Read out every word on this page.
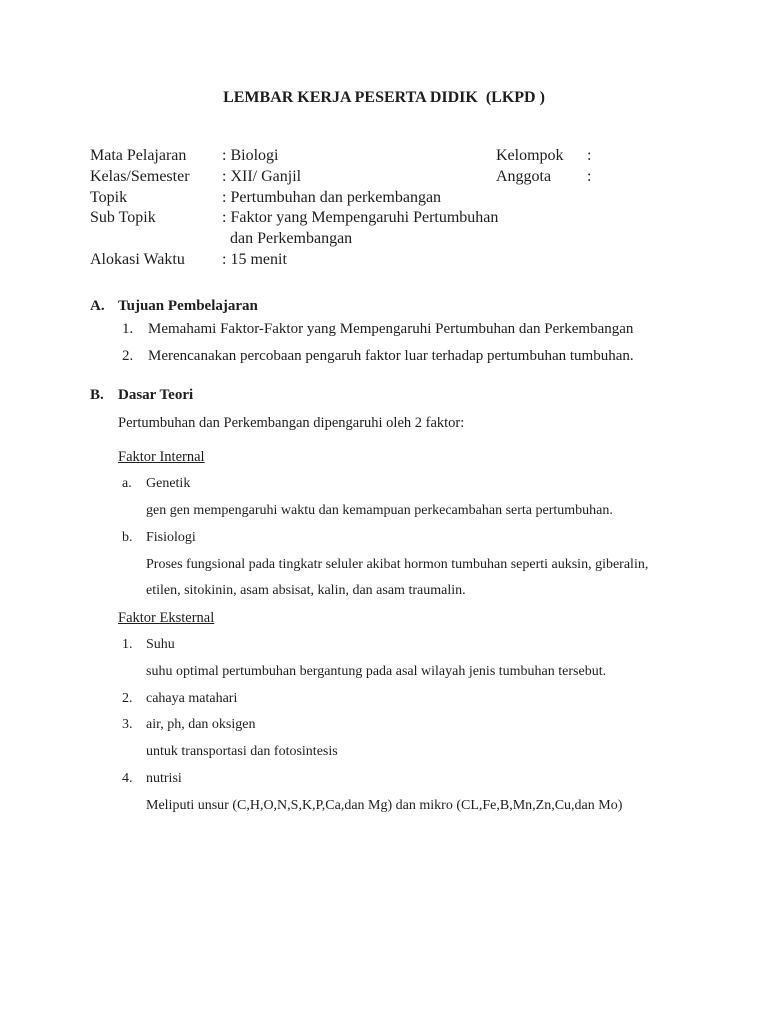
LEMBAR KERJA PESERTA DIDIK  (LKPD )
Mata Pelajaran	: Biologi
Kelas/Semester	: XII/ Ganjil
Topik	: Pertumbuhan dan perkembangan
Sub Topik	: Faktor yang Mempengaruhi Pertumbuhan
dan Perkembangan
Alokasi Waktu	: 15 menit
Kelompok	:
Anggota	:
A. Tujuan Pembelajaran
1. Memahami Faktor-Faktor yang Mempengaruhi Pertumbuhan dan Perkembangan
2. Merencanakan percobaan pengaruh faktor luar terhadap pertumbuhan tumbuhan.
B. Dasar Teori
Pertumbuhan dan Perkembangan dipengaruhi oleh 2 faktor:
Faktor Internal
a.	Genetik
gen gen mempengaruhi waktu dan kemampuan perkecambahan serta pertumbuhan.
b. Fisiologi
Proses fungsional pada tingkatr seluler akibat hormon tumbuhan seperti auksin, giberalin,
etilen, sitokinin, asam absisat, kalin, dan asam traumalin.
Faktor Eksternal
1. Suhu
suhu optimal pertumbuhan bergantung pada asal wilayah jenis tumbuhan tersebut.
2. cahaya matahari
3. air, ph, dan oksigen
untuk transportasi dan fotosintesis
4. nutrisi
Meliputi unsur (C,H,O,N,S,K,P,Ca,dan Mg) dan mikro (CL,Fe,B,Mn,Zn,Cu,dan Mo)
